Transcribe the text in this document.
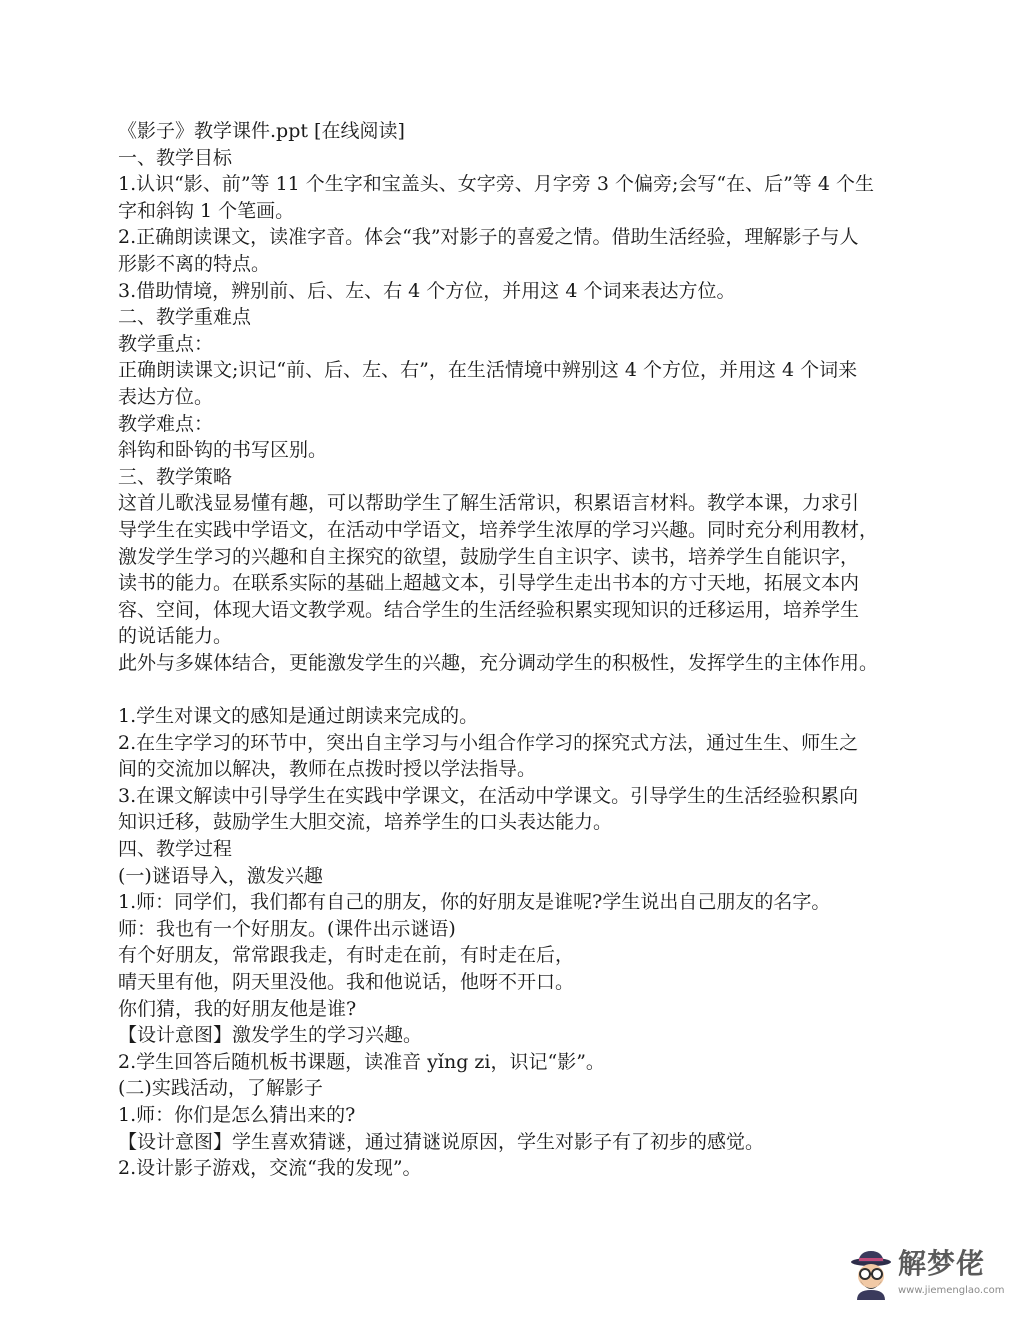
《影子》教学课件.ppt [在线阅读]
一、教学目标
1.认识“影、前”等 11 个生字和宝盖头、女字旁、月字旁 3 个偏旁;会写“在、后”等 4 个生
字和斜钩 1 个笔画。
2.正确朗读课文，读准字音。体会“我”对影子的喜爱之情。借助生活经验，理解影子与人
形影不离的特点。
3.借助情境，辨别前、后、左、右 4 个方位，并用这 4 个词来表达方位。
二、教学重难点
教学重点：
正确朗读课文;识记“前、后、左、右”，在生活情境中辨别这 4 个方位，并用这 4 个词来
表达方位。
教学难点：
斜钩和卧钩的书写区别。
三、教学策略
这首儿歌浅显易懂有趣，可以帮助学生了解生活常识，积累语言材料。教学本课，力求引
导学生在实践中学语文，在活动中学语文，培养学生浓厚的学习兴趣。同时充分利用教材，
激发学生学习的兴趣和自主探究的欲望，鼓励学生自主识字、读书，培养学生自能识字，
读书的能力。在联系实际的基础上超越文本，引导学生走出书本的方寸天地，拓展文本内
容、空间，体现大语文教学观。结合学生的生活经验积累实现知识的迁移运用，培养学生
的说话能力。
此外与多媒体结合，更能激发学生的兴趣，充分调动学生的积极性，发挥学生的主体作用。
1.学生对课文的感知是通过朗读来完成的。
2.在生字学习的环节中，突出自主学习与小组合作学习的探究式方法，通过生生、师生之
间的交流加以解决，教师在点拨时授以学法指导。
3.在课文解读中引导学生在实践中学课文，在活动中学课文。引导学生的生活经验积累向
知识迁移，鼓励学生大胆交流，培养学生的口头表达能力。
四、教学过程
(一)谜语导入，激发兴趣
1.师：同学们，我们都有自己的朋友，你的好朋友是谁呢?学生说出自己朋友的名字。
师：我也有一个好朋友。(课件出示谜语)
有个好朋友，常常跟我走，有时走在前，有时走在后，
晴天里有他，阴天里没他。我和他说话，他呀不开口。
你们猜，我的好朋友他是谁?
【设计意图】激发学生的学习兴趣。
2.学生回答后随机板书课题，读准音 yǐng zi，识记“影”。
(二)实践活动，了解影子
1.师：你们是怎么猜出来的?
【设计意图】学生喜欢猜谜，通过猜谜说原因，学生对影子有了初步的感觉。
2.设计影子游戏，交流“我的发现”。
解梦佬
www.jiemenglao.com
